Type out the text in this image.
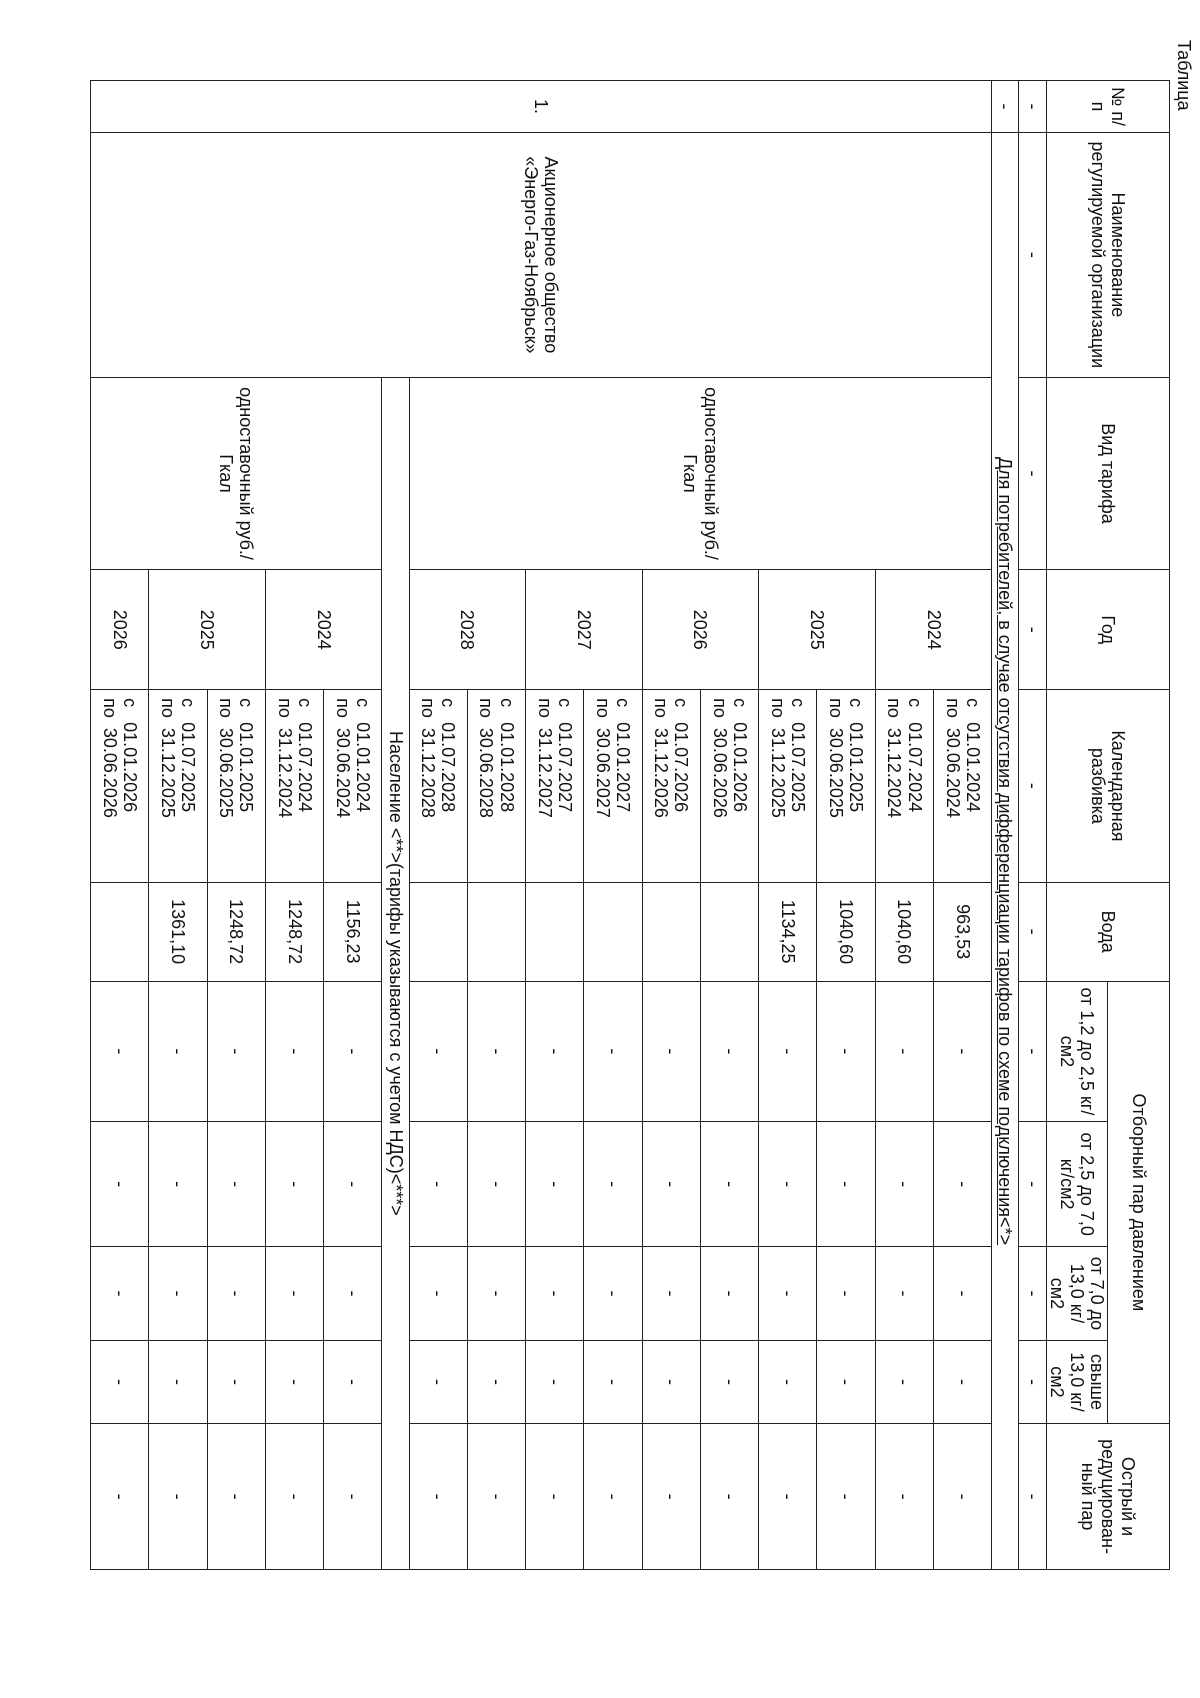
Таблица
№ п/п	Наименование регулируемой организации	Вид тарифа	Год	Календарная разбивка	Вода	Отборный пар давлением				Острый и редуцирован-ный пар
						от 1,2 до 2,5 кг/см2	от 2,5 до 7,0 кг/см2	от 7,0 до 13,0 кг/см2	свыше 13,0 кг/см2	
-	-	-	-	-	-	-	-	-	-	-
-	Для потребителей, в случае отсутствия дифференциации тарифов по схеме подключения<*>									
1.	Акционерное общество «Энерго-Газ-Ноябрьск»	одноставочный руб./Гкал	2024	с   01.01.2024
по  30.06.2024	963,53	-	-	-	-	-
				с   01.07.2024
по  31.12.2024	1040,60	-	-	-	-	-
			2025	с   01.01.2025
по  30.06.2025	1040,60	-	-	-	-	-
				с   01.07.2025
по  31.12.2025	1134,25	-	-	-	-	-
			2026	с   01.01.2026
по  30.06.2026		-	-	-	-	-
				с   01.07.2026
по  31.12.2026		-	-	-	-	-
			2027	с   01.01.2027
по  30.06.2027		-	-	-	-	-
				с   01.07.2027
по  31.12.2027		-	-	-	-	-
			2028	с   01.01.2028
по  30.06.2028		-	-	-	-	-
				с   01.07.2028
по  31.12.2028		-	-	-	-	-
		Население <**>(тарифы указываются с учетом НДС)<***>								
		одноставочный руб./Гкал	2024	с   01.01.2024
по  30.06.2024	1156,23	-	-	-	-	-
				с   01.07.2024
по  31.12.2024	1248,72	-	-	-	-	-
			2025	с   01.01.2025
по  30.06.2025	1248,72	-	-	-	-	-
				с   01.07.2025
по  31.12.2025	1361,10	-	-	-	-	-
			2026	с   01.01.2026
по  30.06.2026		-	-	-	-	-
